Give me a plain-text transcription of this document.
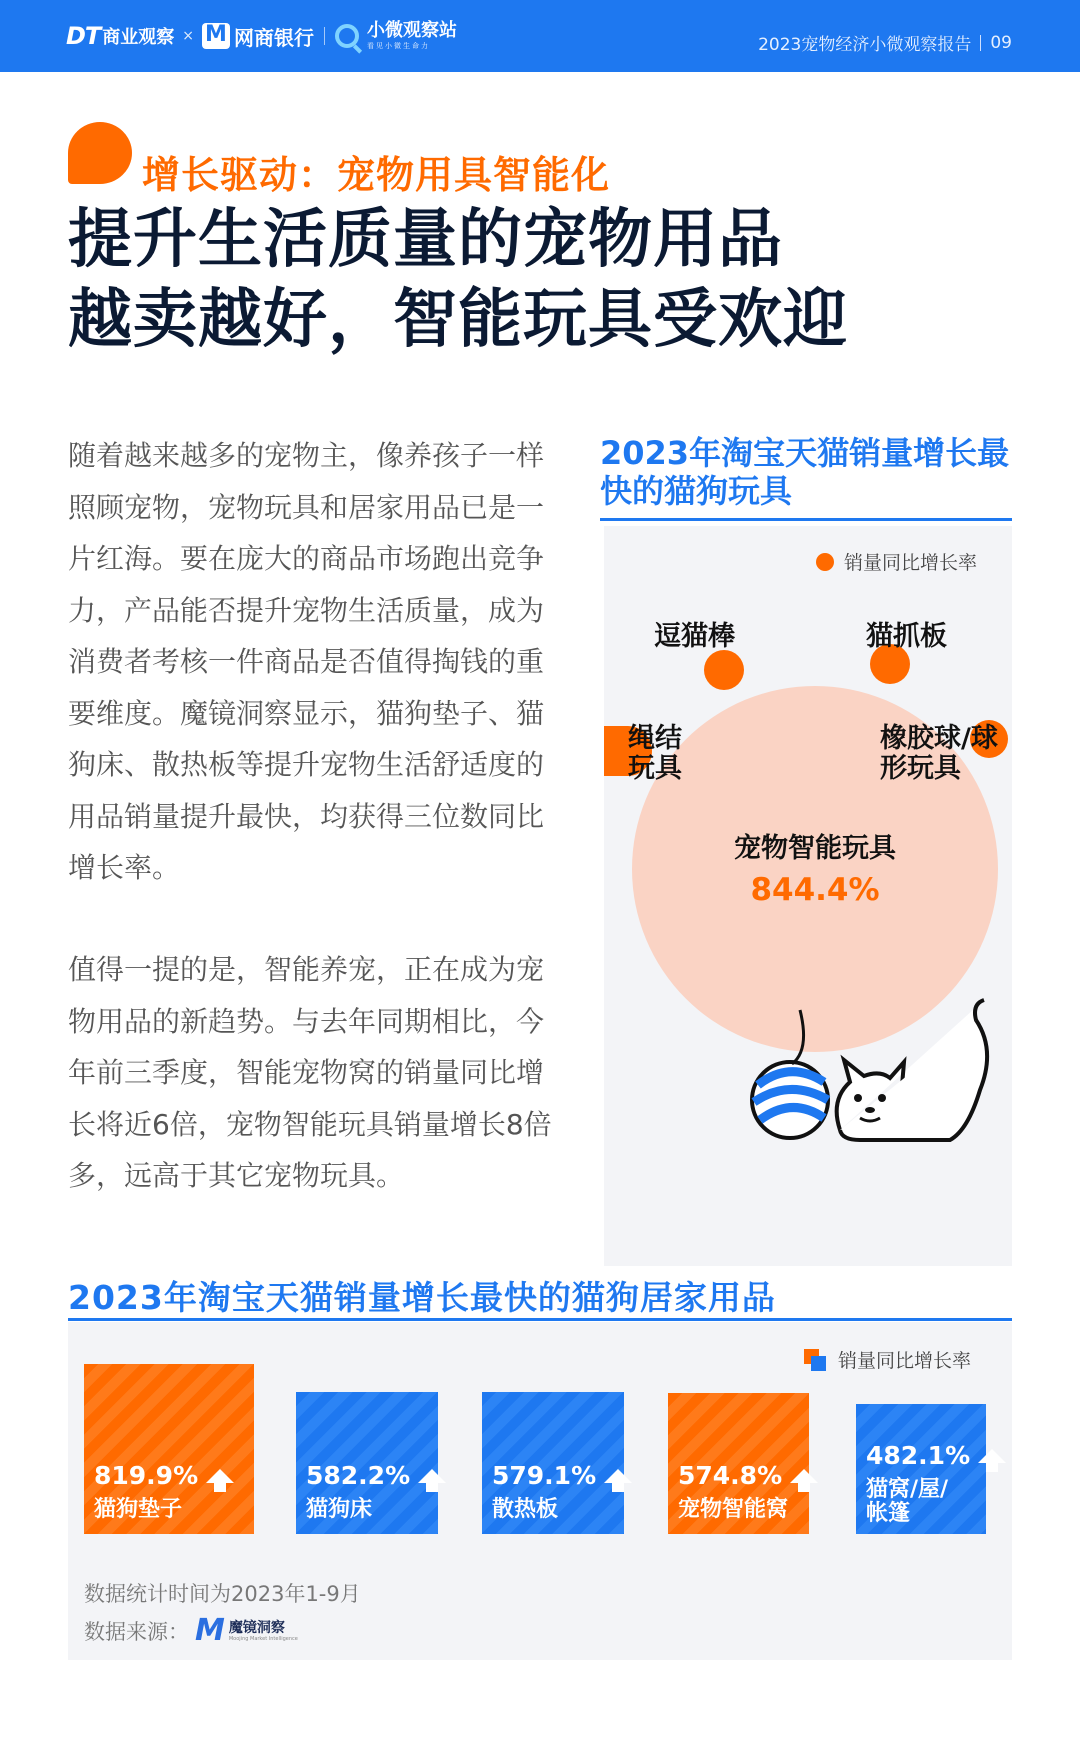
DT 商业观察 ×
M 网商银行	小微观察站
看见小微生命力	2023宠物经济小微观察报告 09
增长驱动：宠物用具智能化
提升生活质量的宠物用品
越卖越好，智能玩具受欢迎
随着越来越多的宠物主，像养孩子一样照顾宠物，宠物玩具和居家用品已是一片红海。要在庞大的商品市场跑出竞争力，产品能否提升宠物生活质量，成为消费者考核一件商品是否值得掏钱的重要维度。魔镜洞察显示，猫狗垫子、猫狗床、散热板等提升宠物生活舒适度的用品销量提升最快，均获得三位数同比增长率。
值得一提的是，智能养宠，正在成为宠物用品的新趋势。与去年同期相比，今年前三季度，智能宠物窝的销量同比增长将近6倍，宠物智能玩具销量增长8倍多，远高于其它宠物玩具。
2023年淘宝天猫销量增长最快的猫狗玩具
销量同比增长率
逗猫棒	猫抓板
绳结玩具
橡胶球/球形玩具
宠物智能玩具
844.4%
2023年淘宝天猫销量增长最快的猫狗居家用品
销量同比增长率
819.9%
猫狗垫子
582.2%
猫狗床
579.1%
散热板
574.8%
宠物智能窝
482.1%
猫窝/屋/
帐篷
数据统计时间为2023年1-9月
数据来源： M 魔镜洞察
Moojing Market Intelligence
